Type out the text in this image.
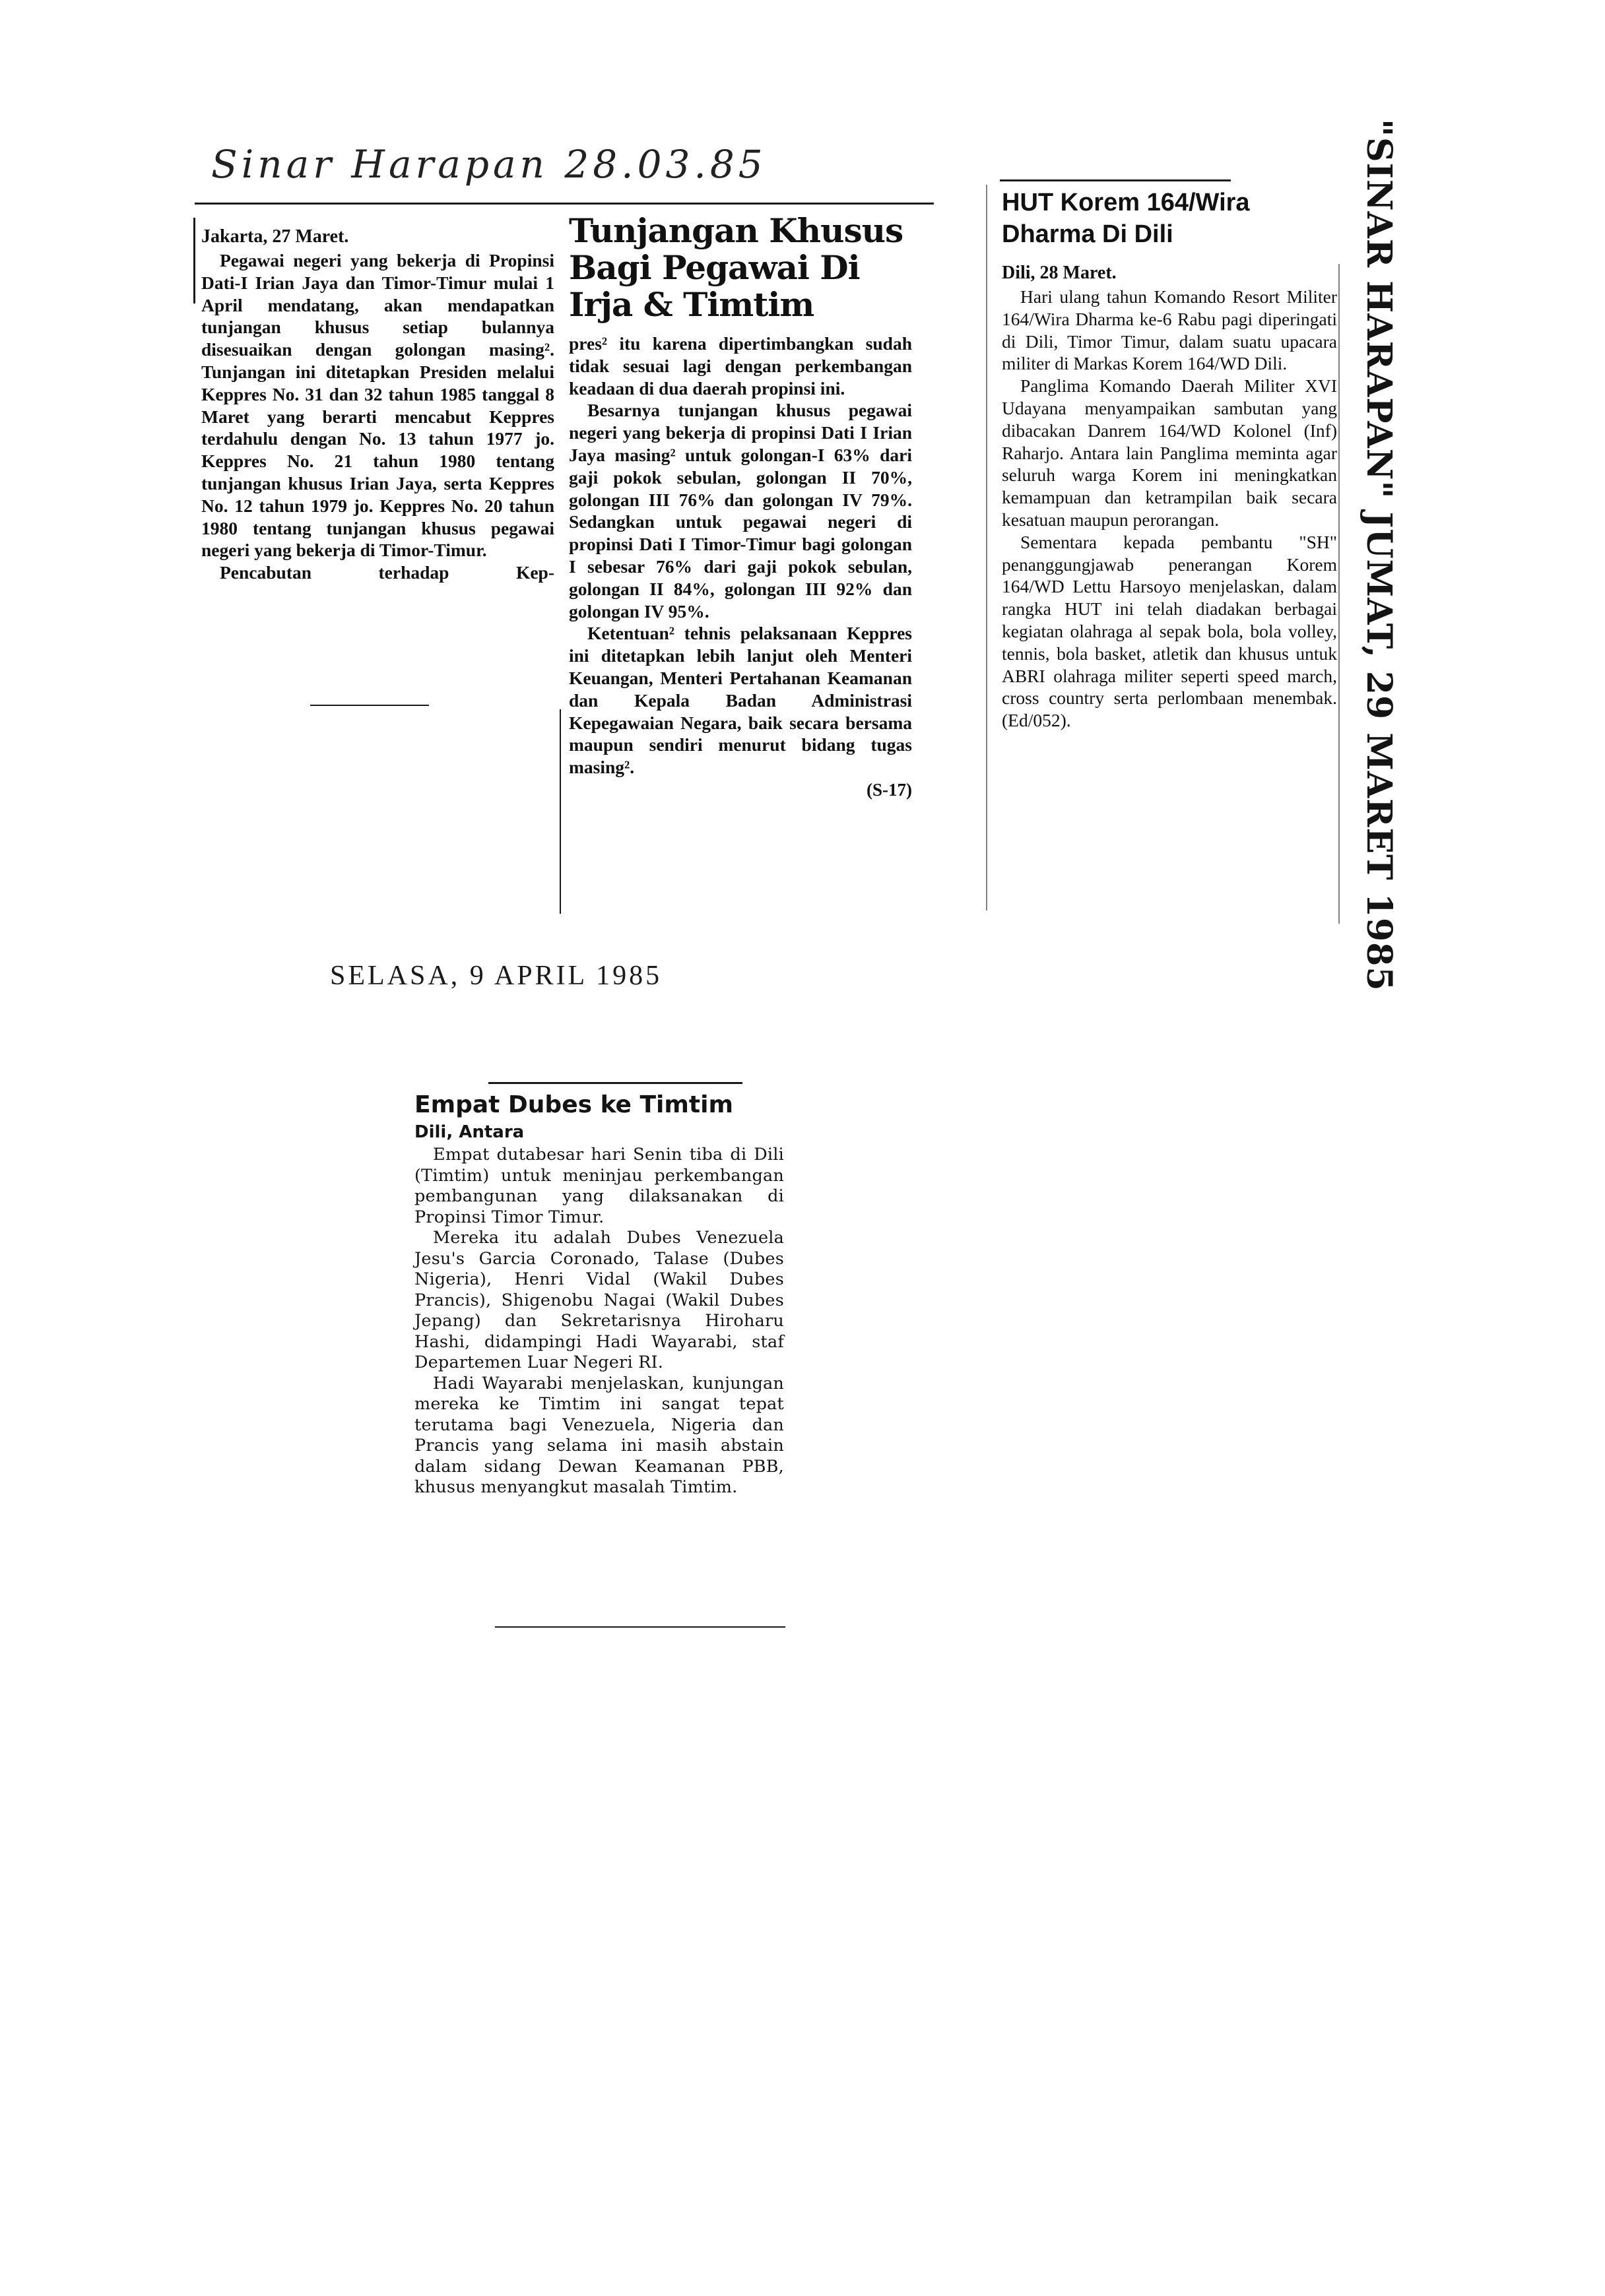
Sinar Harapan 28.03.85
Jakarta, 27 Maret.

Pegawai negeri yang bekerja di Propinsi Dati-I Irian Jaya dan Timor-Timur mulai 1 April mendatang, akan mendapatkan tunjangan khusus setiap bulannya disesuaikan dengan golongan masing². Tunjangan ini ditetapkan Presiden melalui Keppres No. 31 dan 32 tahun 1985 tanggal 8 Maret yang berarti mencabut Keppres terdahulu dengan No. 13 tahun 1977 jo. Keppres No. 21 tahun 1980 tentang tunjangan khusus Irian Jaya, serta Keppres No. 12 tahun 1979 jo. Keppres No. 20 tahun 1980 tentang tunjangan khusus pegawai negeri yang bekerja di Timor-Timur.

Pencabutan terhadap Kep-

Tunjangan Khusus
Bagi Pegawai Di
Irja & Timtim

pres² itu karena dipertimbangkan sudah tidak sesuai lagi dengan perkembangan keadaan di dua daerah propinsi ini.

Besarnya tunjangan khusus pegawai negeri yang bekerja di propinsi Dati I Irian Jaya masing² untuk golongan-I 63% dari gaji pokok sebulan, golongan II 70%, golongan III 76% dan golongan IV 79%. Sedangkan untuk pegawai negeri di propinsi Dati I Timor-Timur bagi golongan I sebesar 76% dari gaji pokok sebulan, golongan II 84%, golongan III 92% dan golongan IV 95%.

Ketentuan² tehnis pelaksanaan Keppres ini ditetapkan lebih lanjut oleh Menteri Keuangan, Menteri Pertahanan Keamanan dan Kepala Badan Administrasi Kepegawaian Negara, baik secara bersama maupun sendiri menurut bidang tugas masing².

(S-17)
HUT Korem 164/Wira
Dharma Di Dili
Dili, 28 Maret.

Hari ulang tahun Komando Resort Militer 164/Wira Dharma ke-6 Rabu pagi diperingati di Dili, Timor Timur, dalam suatu upacara militer di Markas Korem 164/WD Dili.

Panglima Komando Daerah Militer XVI Udayana menyampaikan sambutan yang dibacakan Danrem 164/WD Kolonel (Inf) Raharjo. Antara lain Panglima meminta agar seluruh warga Korem ini meningkatkan kemampuan dan ketrampilan baik secara kesatuan maupun perorangan.

Sementara kepada pembantu "SH" penanggungjawab penerangan Korem 164/WD Lettu Harsoyo menjelaskan, dalam rangka HUT ini telah diadakan berbagai kegiatan olahraga al sepak bola, bola volley, tennis, bola basket, atletik dan khusus untuk ABRI olahraga militer seperti speed march, cross country serta perlombaan menembak. (Ed/052).	"SINAR HARAPAN" JUMAT, 29 MARET 1985
SELASA, 9 APRIL 1985
Empat Dubes ke Timtim
Dili, Antara

Empat dutabesar hari Senin tiba di Dili (Timtim) untuk meninjau perkembangan pembangunan yang dilaksanakan di Propinsi Timor Timur.

Mereka itu adalah Dubes Venezuela Jesu's Garcia Coronado, Talase (Dubes Nigeria), Henri Vidal (Wakil Dubes Prancis), Shigenobu Nagai (Wakil Dubes Jepang) dan Sekretarisnya Hiroharu Hashi, didampingi Hadi Wayarabi, staf Departemen Luar Negeri RI.

Hadi Wayarabi menjelaskan, kunjungan mereka ke Timtim ini sangat tepat terutama bagi Venezuela, Nigeria dan Prancis yang selama ini masih abstain dalam sidang Dewan Keamanan PBB, khusus menyangkut masalah Timtim.
